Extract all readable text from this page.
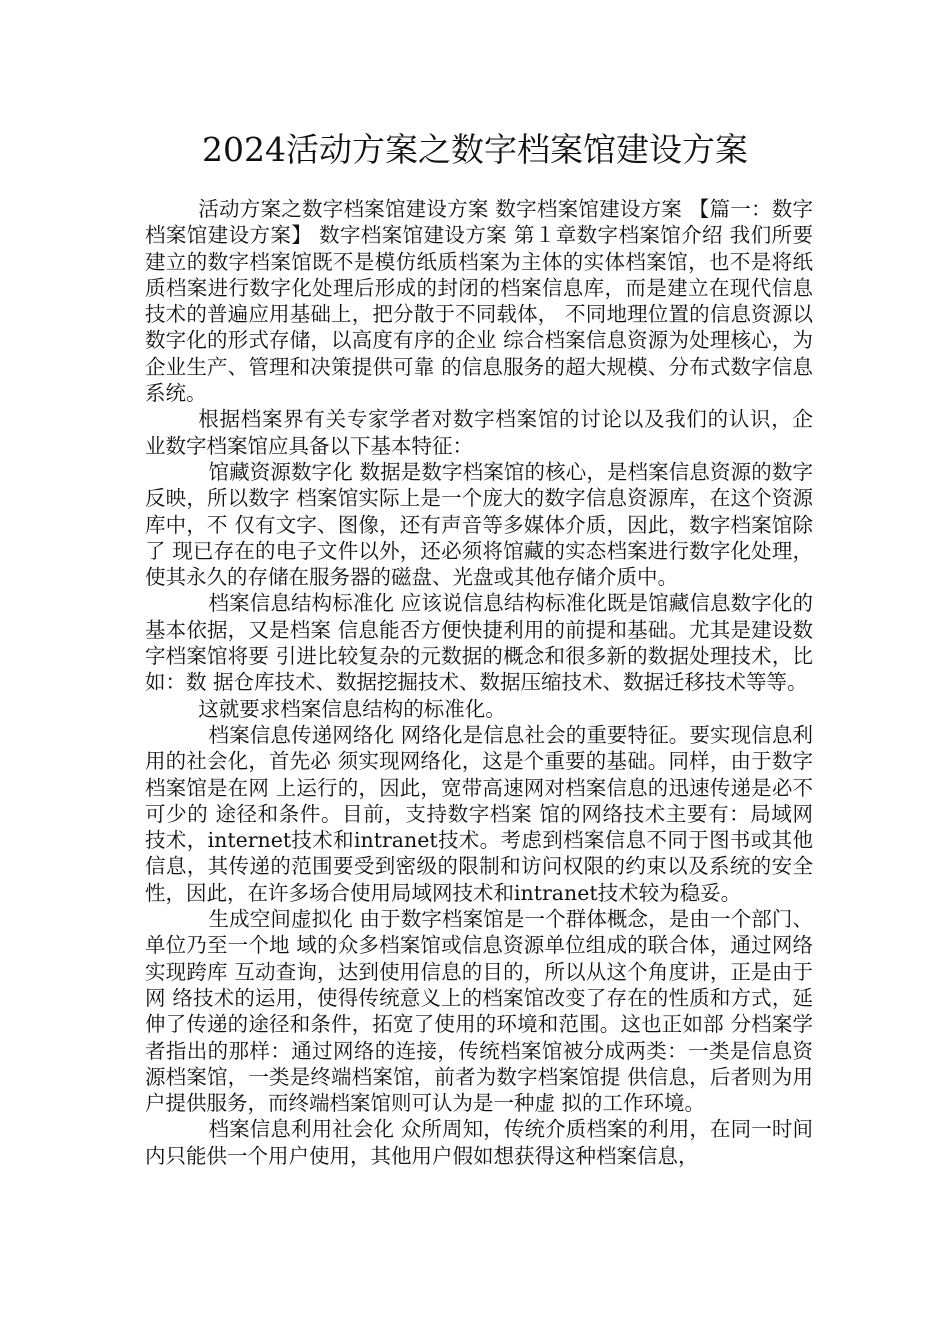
2024活动方案之数字档案馆建设方案

活动方案之数字档案馆建设方案 数字档案馆建设方案 【篇一：数字档案馆建设方案】 数字档案馆建设方案 第１章数字档案馆介绍 我们所要建立的数字档案馆既不是模仿纸质档案为主体的实体档案馆，也不是将纸质档案进行数字化处理后形成的封闭的档案信息库，而是建立在现代信息技术的普遍应用基础上，把分散于不同载体， 不同地理位置的信息资源以数字化的形式存储，以高度有序的企业 综合档案信息资源为处理核心，为企业生产、管理和决策提供可靠 的信息服务的超大规模、分布式数字信息系统。

根据档案界有关专家学者对数字档案馆的讨论以及我们的认识，企 业数字档案馆应具备以下基本特征：

馆藏资源数字化 数据是数字档案馆的核心，是档案信息资源的数字反映，所以数字 档案馆实际上是一个庞大的数字信息资源库，在这个资源库中，不 仅有文字、图像，还有声音等多媒体介质，因此，数字档案馆除了 现已存在的电子文件以外，还必须将馆藏的实态档案进行数字化处理，使其永久的存储在服务器的磁盘、光盘或其他存储介质中。

档案信息结构标准化 应该说信息结构标准化既是馆藏信息数字化的基本依据，又是档案 信息能否方便快捷利用的前提和基础。尤其是建设数字档案馆将要 引进比较复杂的元数据的概念和很多新的数据处理技术，比如：数 据仓库技术、数据挖掘技术、数据压缩技术、数据迁移技术等等。

这就要求档案信息结构的标准化。

档案信息传递网络化 网络化是信息社会的重要特征。要实现信息利用的社会化，首先必 须实现网络化，这是个重要的基础。同样，由于数字档案馆是在网 上运行的，因此，宽带高速网对档案信息的迅速传递是必不可少的 途径和条件。目前，支持数字档案 馆的网络技术主要有：局域网技术，internet技术和intranet技术。考虑到档案信息不同于图书或其他信息，其传递的范围要受到密级的限制和访问权限的约束以及系统的安全性，因此，在许多场合使用局域网技术和intranet技术较为稳妥。

生成空间虚拟化 由于数字档案馆是一个群体概念，是由一个部门、单位乃至一个地 域的众多档案馆或信息资源单位组成的联合体，通过网络实现跨库 互动查询，达到使用信息的目的，所以从这个角度讲，正是由于网 络技术的运用，使得传统意义上的档案馆改变了存在的性质和方式，延伸了传递的途径和条件，拓宽了使用的环境和范围。这也正如部 分档案学者指出的那样：通过网络的连接，传统档案馆被分成两类：一类是信息资源档案馆，一类是终端档案馆，前者为数字档案馆提 供信息，后者则为用户提供服务，而终端档案馆则可认为是一种虚 拟的工作环境。

档案信息利用社会化 众所周知，传统介质档案的利用，在同一时间内只能供一个用户使用，其他用户假如想获得这种档案信息，
